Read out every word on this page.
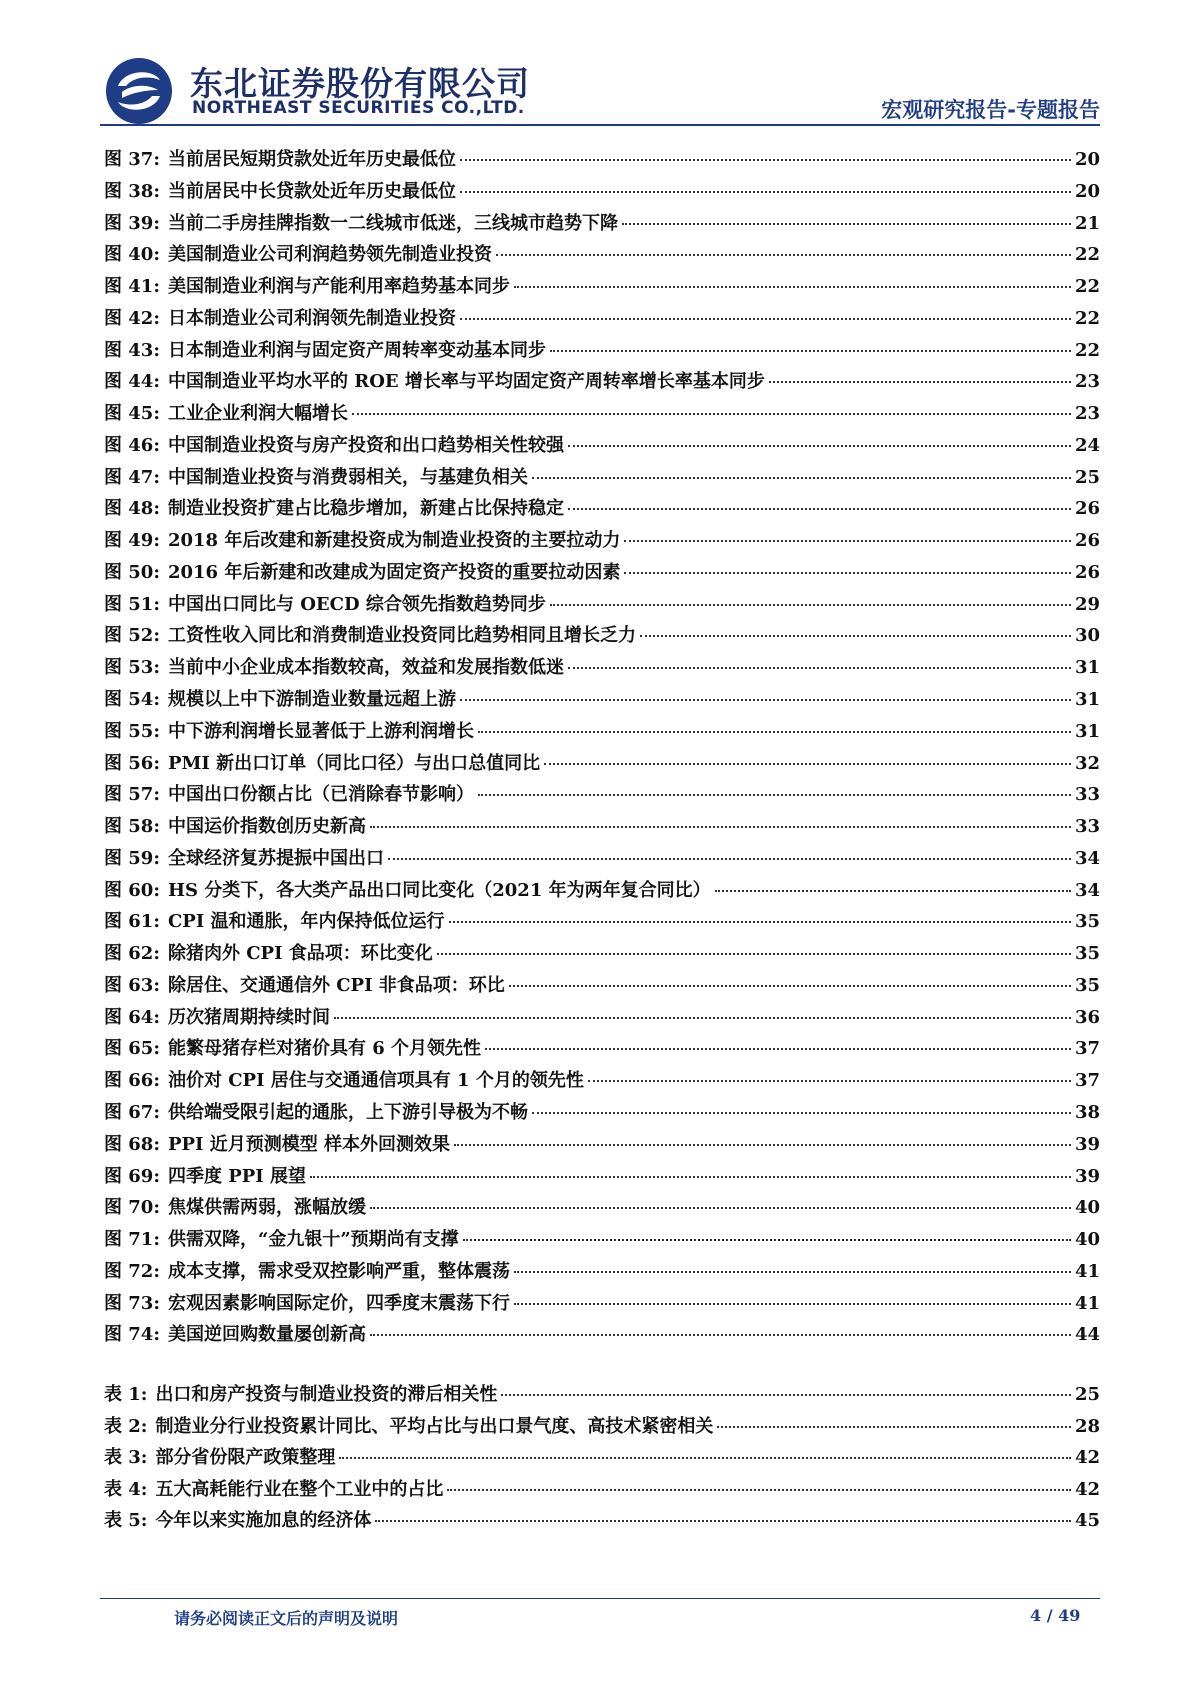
东北证券股份有限公司
NORTHEAST SECURITIES CO.,LTD.	宏观研究报告-专题报告
图 37: 当前居民短期贷款处近年历史最低位	20
图 38: 当前居民中长贷款处近年历史最低位	20
图 39: 当前二手房挂牌指数一二线城市低迷，三线城市趋势下降	21
图 40: 美国制造业公司利润趋势领先制造业投资	22
图 41: 美国制造业利润与产能利用率趋势基本同步	22
图 42: 日本制造业公司利润领先制造业投资	22
图 43: 日本制造业利润与固定资产周转率变动基本同步	22
图 44: 中国制造业平均水平的 ROE 增长率与平均固定资产周转率增长率基本同步	23
图 45: 工业企业利润大幅增长	23
图 46: 中国制造业投资与房产投资和出口趋势相关性较强	24
图 47: 中国制造业投资与消费弱相关，与基建负相关	25
图 48: 制造业投资扩建占比稳步增加，新建占比保持稳定	26
图 49: 2018 年后改建和新建投资成为制造业投资的主要拉动力	26
图 50: 2016 年后新建和改建成为固定资产投资的重要拉动因素	26
图 51: 中国出口同比与 OECD 综合领先指数趋势同步	29
图 52: 工资性收入同比和消费制造业投资同比趋势相同且增长乏力	30
图 53: 当前中小企业成本指数较高，效益和发展指数低迷	31
图 54: 规模以上中下游制造业数量远超上游	31
图 55: 中下游利润增长显著低于上游利润增长	31
图 56: PMI 新出口订单（同比口径）与出口总值同比	32
图 57: 中国出口份额占比（已消除春节影响）	33
图 58: 中国运价指数创历史新高	33
图 59: 全球经济复苏提振中国出口	34
图 60: HS 分类下，各大类产品出口同比变化（2021 年为两年复合同比）	34
图 61: CPI 温和通胀，年内保持低位运行	35
图 62: 除猪肉外 CPI 食品项：环比变化	35
图 63: 除居住、交通通信外 CPI 非食品项：环比	35
图 64: 历次猪周期持续时间	36
图 65: 能繁母猪存栏对猪价具有 6 个月领先性	37
图 66: 油价对 CPI 居住与交通通信项具有 1 个月的领先性	37
图 67: 供给端受限引起的通胀，上下游引导极为不畅	38
图 68: PPI 近月预测模型 样本外回测效果	39
图 69: 四季度 PPI 展望	39
图 70: 焦煤供需两弱，涨幅放缓	40
图 71: 供需双降，“金九银十”预期尚有支撑	40
图 72: 成本支撑，需求受双控影响严重，整体震荡	41
图 73: 宏观因素影响国际定价，四季度末震荡下行	41
图 74: 美国逆回购数量屡创新高	44
表 1: 出口和房产投资与制造业投资的滞后相关性	25
表 2: 制造业分行业投资累计同比、平均占比与出口景气度、高技术紧密相关	28
表 3: 部分省份限产政策整理	42
表 4: 五大高耗能行业在整个工业中的占比	42
表 5: 今年以来实施加息的经济体	45
请务必阅读正文后的声明及说明	4 / 49
